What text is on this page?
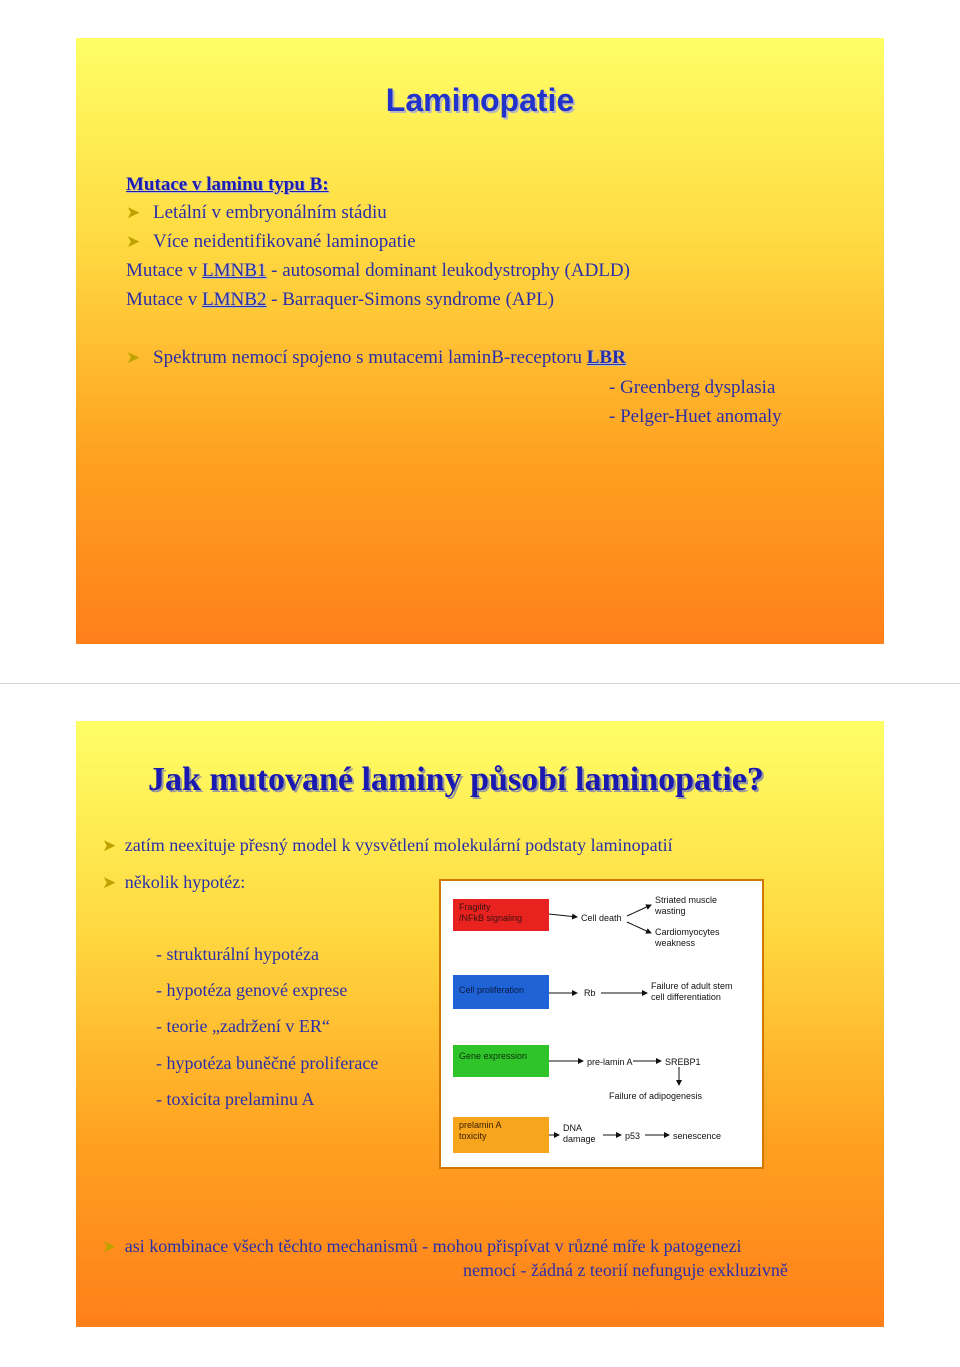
Laminopatie
Mutace v laminu typu B:
➤ Letální v embryonálním stádiu
➤ Více neidentifikované laminopatie
Mutace v LMNB1 - autosomal dominant leukodystrophy (ADLD)
Mutace v LMNB2 - Barraquer-Simons syndrome (APL)
➤ Spektrum nemocí spojeno s mutacemi laminB-receptoru LBR
- Greenberg dysplasia
- Pelger-Huet anomaly
Jak mutované laminy působí laminopatie?
➤ zatím neexituje přesný model k vysvětlení molekulární podstaty laminopatií
➤ několik hypotéz:
- strukturální hypotéza
- hypotéza genové exprese
- teorie „zadržení v ER“
- hypotéza buněčné proliferace
- toxicita prelaminu A
Fragility
/NFkB signaling	Cell death
Striated muscle
wasting
Cardiomyocytes
weakness
Cell proliferation	Rb
Failure of adult stem
cell differentiation
Gene expression
pre-lamin A	SREBP1
Failure of adipogenesis
prelamin A
toxicity
DNA
damage	p53	senescence
➤ asi kombinace všech těchto mechanismů - mohou přispívat v různé míře k patogenezi
nemocí - žádná z teorií nefunguje exkluzivně
